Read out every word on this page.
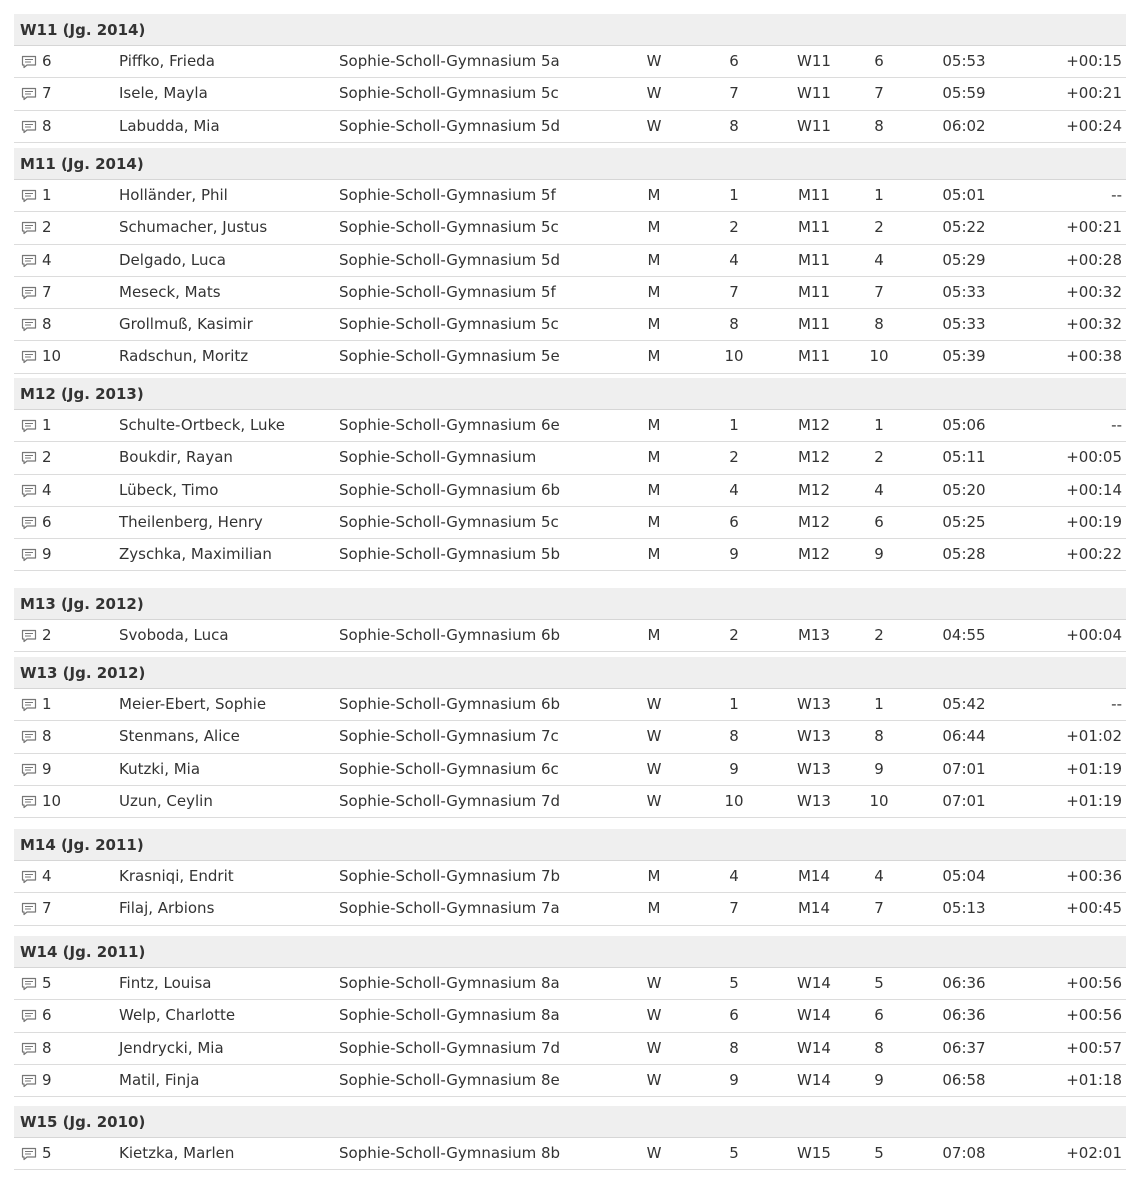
W11 (Jg. 2014)
6	Piffko, Frieda	Sophie-Scholl-Gymnasium 5a	W	6	W11	6	05:53	+00:15
7	Isele, Mayla	Sophie-Scholl-Gymnasium 5c	W	7	W11	7	05:59	+00:21
8	Labudda, Mia	Sophie-Scholl-Gymnasium 5d	W	8	W11	8	06:02	+00:24
M11 (Jg. 2014)
1	Holländer, Phil	Sophie-Scholl-Gymnasium 5f	M	1	M11	1	05:01	--
2	Schumacher, Justus	Sophie-Scholl-Gymnasium 5c	M	2	M11	2	05:22	+00:21
4	Delgado, Luca	Sophie-Scholl-Gymnasium 5d	M	4	M11	4	05:29	+00:28
7	Meseck, Mats	Sophie-Scholl-Gymnasium 5f	M	7	M11	7	05:33	+00:32
8	Grollmuß, Kasimir	Sophie-Scholl-Gymnasium 5c	M	8	M11	8	05:33	+00:32
10	Radschun, Moritz	Sophie-Scholl-Gymnasium 5e	M	10	M11	10	05:39	+00:38
M12 (Jg. 2013)
1	Schulte-Ortbeck, Luke	Sophie-Scholl-Gymnasium 6e	M	1	M12	1	05:06	--
2	Boukdir, Rayan	Sophie-Scholl-Gymnasium	M	2	M12	2	05:11	+00:05
4	Lübeck, Timo	Sophie-Scholl-Gymnasium 6b	M	4	M12	4	05:20	+00:14
6	Theilenberg, Henry	Sophie-Scholl-Gymnasium 5c	M	6	M12	6	05:25	+00:19
9	Zyschka, Maximilian	Sophie-Scholl-Gymnasium 5b	M	9	M12	9	05:28	+00:22
M13 (Jg. 2012)
2	Svoboda, Luca	Sophie-Scholl-Gymnasium 6b	M	2	M13	2	04:55	+00:04
W13 (Jg. 2012)
1	Meier-Ebert, Sophie	Sophie-Scholl-Gymnasium 6b	W	1	W13	1	05:42	--
8	Stenmans, Alice	Sophie-Scholl-Gymnasium 7c	W	8	W13	8	06:44	+01:02
9	Kutzki, Mia	Sophie-Scholl-Gymnasium 6c	W	9	W13	9	07:01	+01:19
10	Uzun, Ceylin	Sophie-Scholl-Gymnasium 7d	W	10	W13	10	07:01	+01:19
M14 (Jg. 2011)
4	Krasniqi, Endrit	Sophie-Scholl-Gymnasium 7b	M	4	M14	4	05:04	+00:36
7	Filaj, Arbions	Sophie-Scholl-Gymnasium 7a	M	7	M14	7	05:13	+00:45
W14 (Jg. 2011)
5	Fintz, Louisa	Sophie-Scholl-Gymnasium 8a	W	5	W14	5	06:36	+00:56
6	Welp, Charlotte	Sophie-Scholl-Gymnasium 8a	W	6	W14	6	06:36	+00:56
8	Jendrycki, Mia	Sophie-Scholl-Gymnasium 7d	W	8	W14	8	06:37	+00:57
9	Matil, Finja	Sophie-Scholl-Gymnasium 8e	W	9	W14	9	06:58	+01:18
W15 (Jg. 2010)
5	Kietzka, Marlen	Sophie-Scholl-Gymnasium 8b	W	5	W15	5	07:08	+02:01
